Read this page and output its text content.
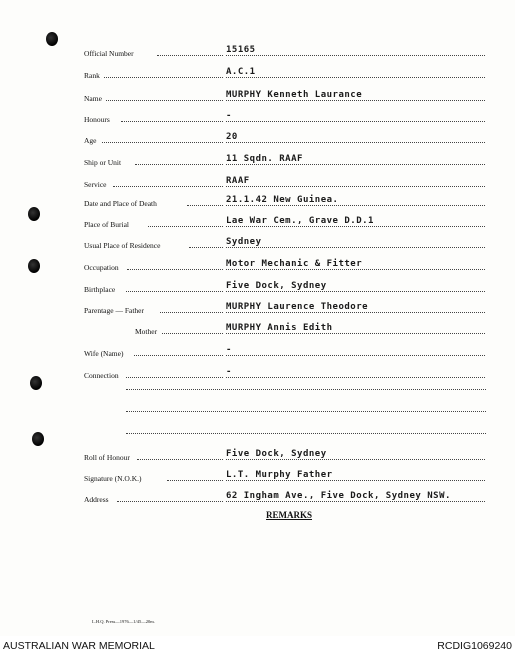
Official Number	15165
Rank	A.C.1
Name	MURPHY Kenneth Laurance
Honours	-
Age	20
Ship or Unit	11 Sqdn. RAAF
Service	RAAF
Date and Place of Death	21.1.42 New Guinea.
Place of Burial	Lae War Cem., Grave D.D.1
Usual Place of Residence	Sydney
Occupation	Motor Mechanic & Fitter
Birthplace	Five Dock, Sydney
Parentage — Father	MURPHY Laurence Theodore
Mother	MURPHY Annis Edith
Wife (Name)	-
Connection	-
Roll of Honour	Five Dock, Sydney
Signature (N.O.K.)	L.T. Murphy Father
Address	62 Ingham Ave., Five Dock, Sydney NSW.
REMARKS
L.H.Q. Press—1976—1/45—20m.
AUSTRALIAN WAR MEMORIAL	RCDIG1069240
